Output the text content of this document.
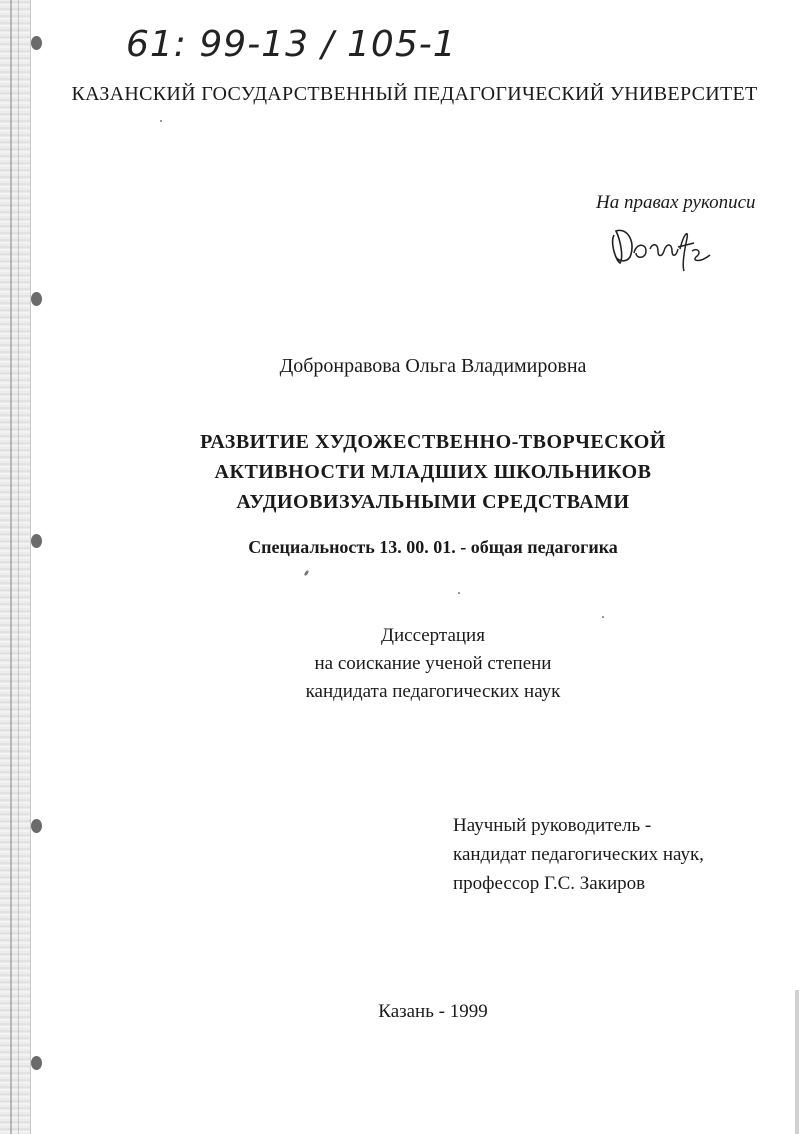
61: 99-13 / 105-1
КАЗАНСКИЙ ГОСУДАРСТВЕННЫЙ ПЕДАГОГИЧЕСКИЙ УНИВЕРСИТЕТ
На правах рукописи
Добронравова Ольга Владимировна
РАЗВИТИЕ ХУДОЖЕСТВЕННО-ТВОРЧЕСКОЙ
АКТИВНОСТИ МЛАДШИХ ШКОЛЬНИКОВ
АУДИОВИЗУАЛЬНЫМИ СРЕДСТВАМИ
Специальность 13. 00. 01. - общая педагогика
Диссертация
на соискание ученой степени
кандидата педагогических наук
Научный руководитель -
кандидат педагогических наук,
профессор Г.С. Закиров
Казань - 1999
